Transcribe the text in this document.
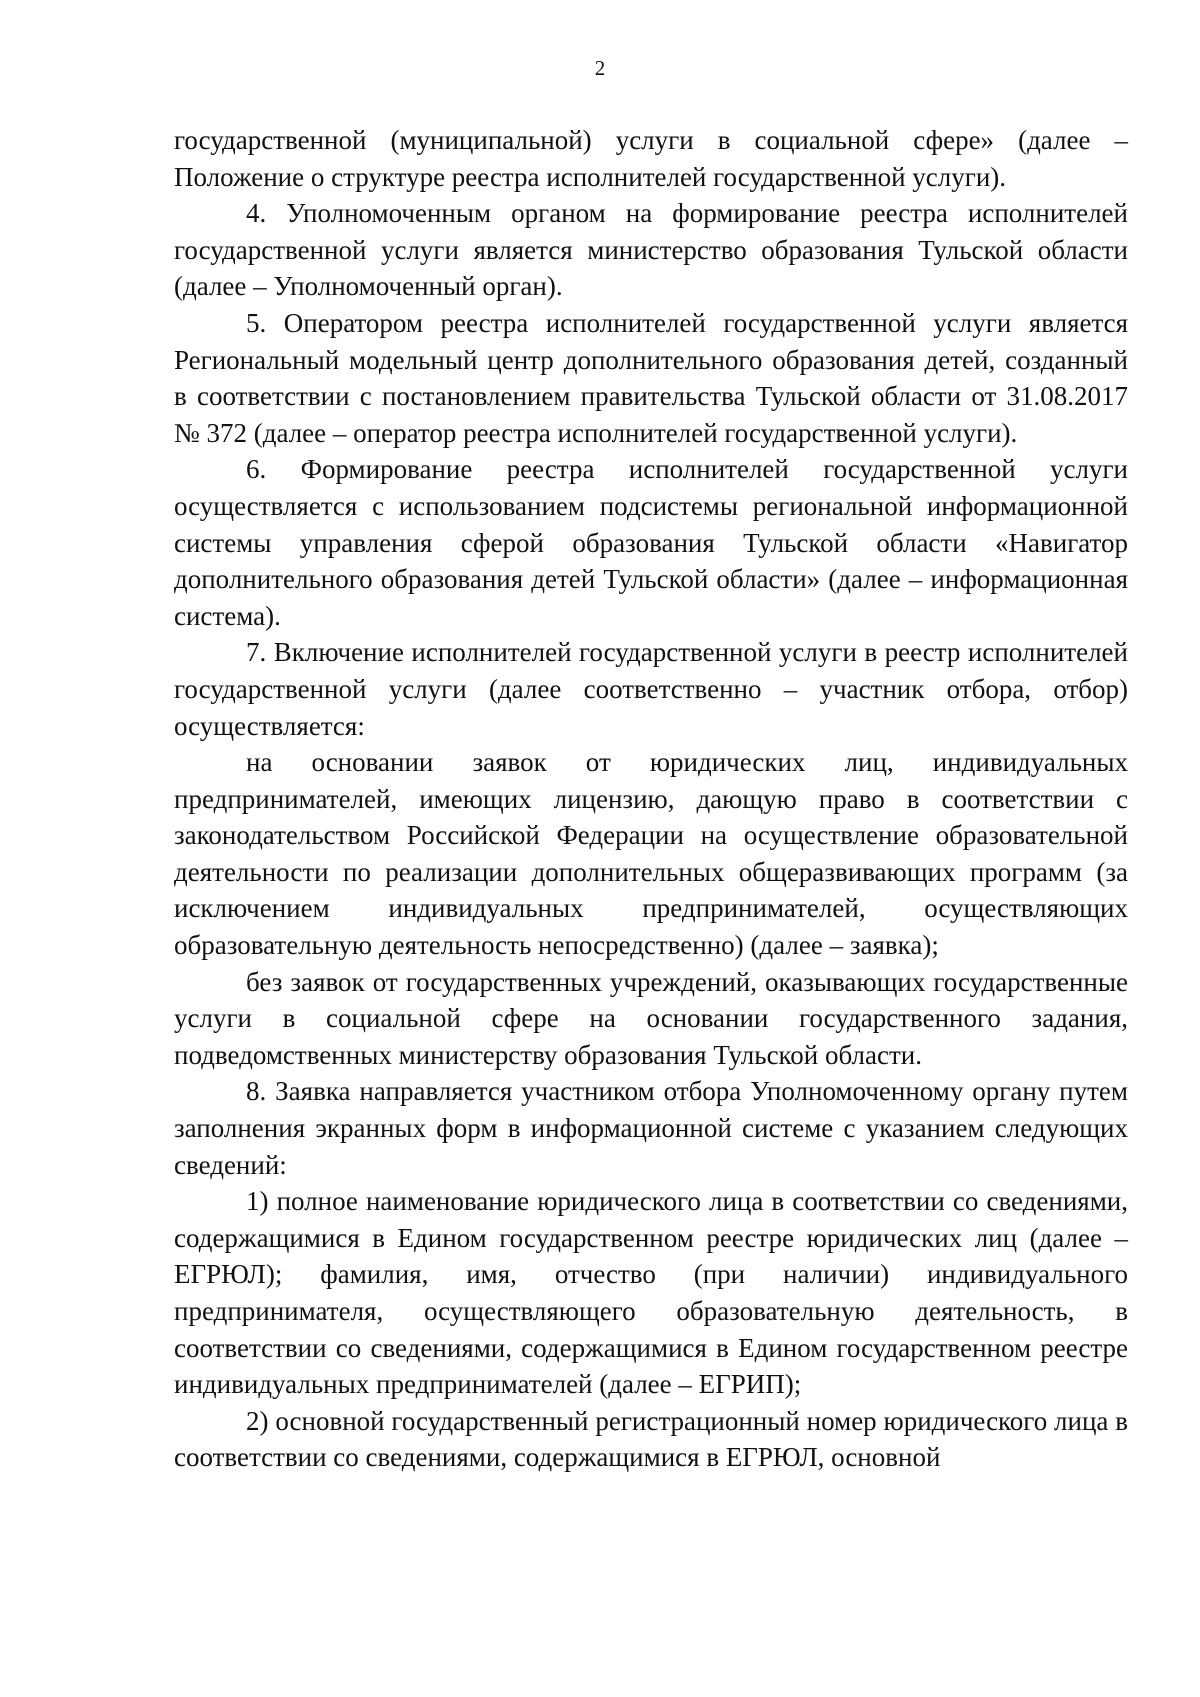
2

государственной (муниципальной) услуги в социальной сфере» (далее – Положение о структуре реестра исполнителей государственной услуги).

4. Уполномоченным органом на формирование реестра исполнителей государственной услуги является министерство образования Тульской области (далее – Уполномоченный орган).

5. Оператором реестра исполнителей государственной услуги является Региональный модельный центр дополнительного образования детей, созданный в соответствии с постановлением правительства Тульской области от 31.08.2017 № 372 (далее – оператор реестра исполнителей государственной услуги).

6. Формирование реестра исполнителей государственной услуги осуществляется с использованием подсистемы региональной информационной системы управления сферой образования Тульской области «Навигатор дополнительного образования детей Тульской области» (далее – информационная система).

7. Включение исполнителей государственной услуги в реестр исполнителей государственной услуги (далее соответственно – участник отбора, отбор) осуществляется:

на основании заявок от юридических лиц, индивидуальных предпринимателей, имеющих лицензию, дающую право в соответствии с законодательством Российской Федерации на осуществление образовательной деятельности по реализации дополнительных общеразвивающих программ (за исключением индивидуальных предпринимателей, осуществляющих образовательную деятельность непосредственно) (далее – заявка);

без заявок от государственных учреждений, оказывающих государственные услуги в социальной сфере на основании государственного задания, подведомственных министерству образования Тульской области.

8. Заявка направляется участником отбора Уполномоченному органу путем заполнения экранных форм в информационной системе с указанием следующих сведений:

1) полное наименование юридического лица в соответствии со сведениями, содержащимися в Едином государственном реестре юридических лиц (далее – ЕГРЮЛ); фамилия, имя, отчество (при наличии) индивидуального предпринимателя, осуществляющего образовательную деятельность, в соответствии со сведениями, содержащимися в Едином государственном реестре индивидуальных предпринимателей (далее – ЕГРИП);

2) основной государственный регистрационный номер юридического лица в соответствии со сведениями, содержащимися в ЕГРЮЛ, основной
